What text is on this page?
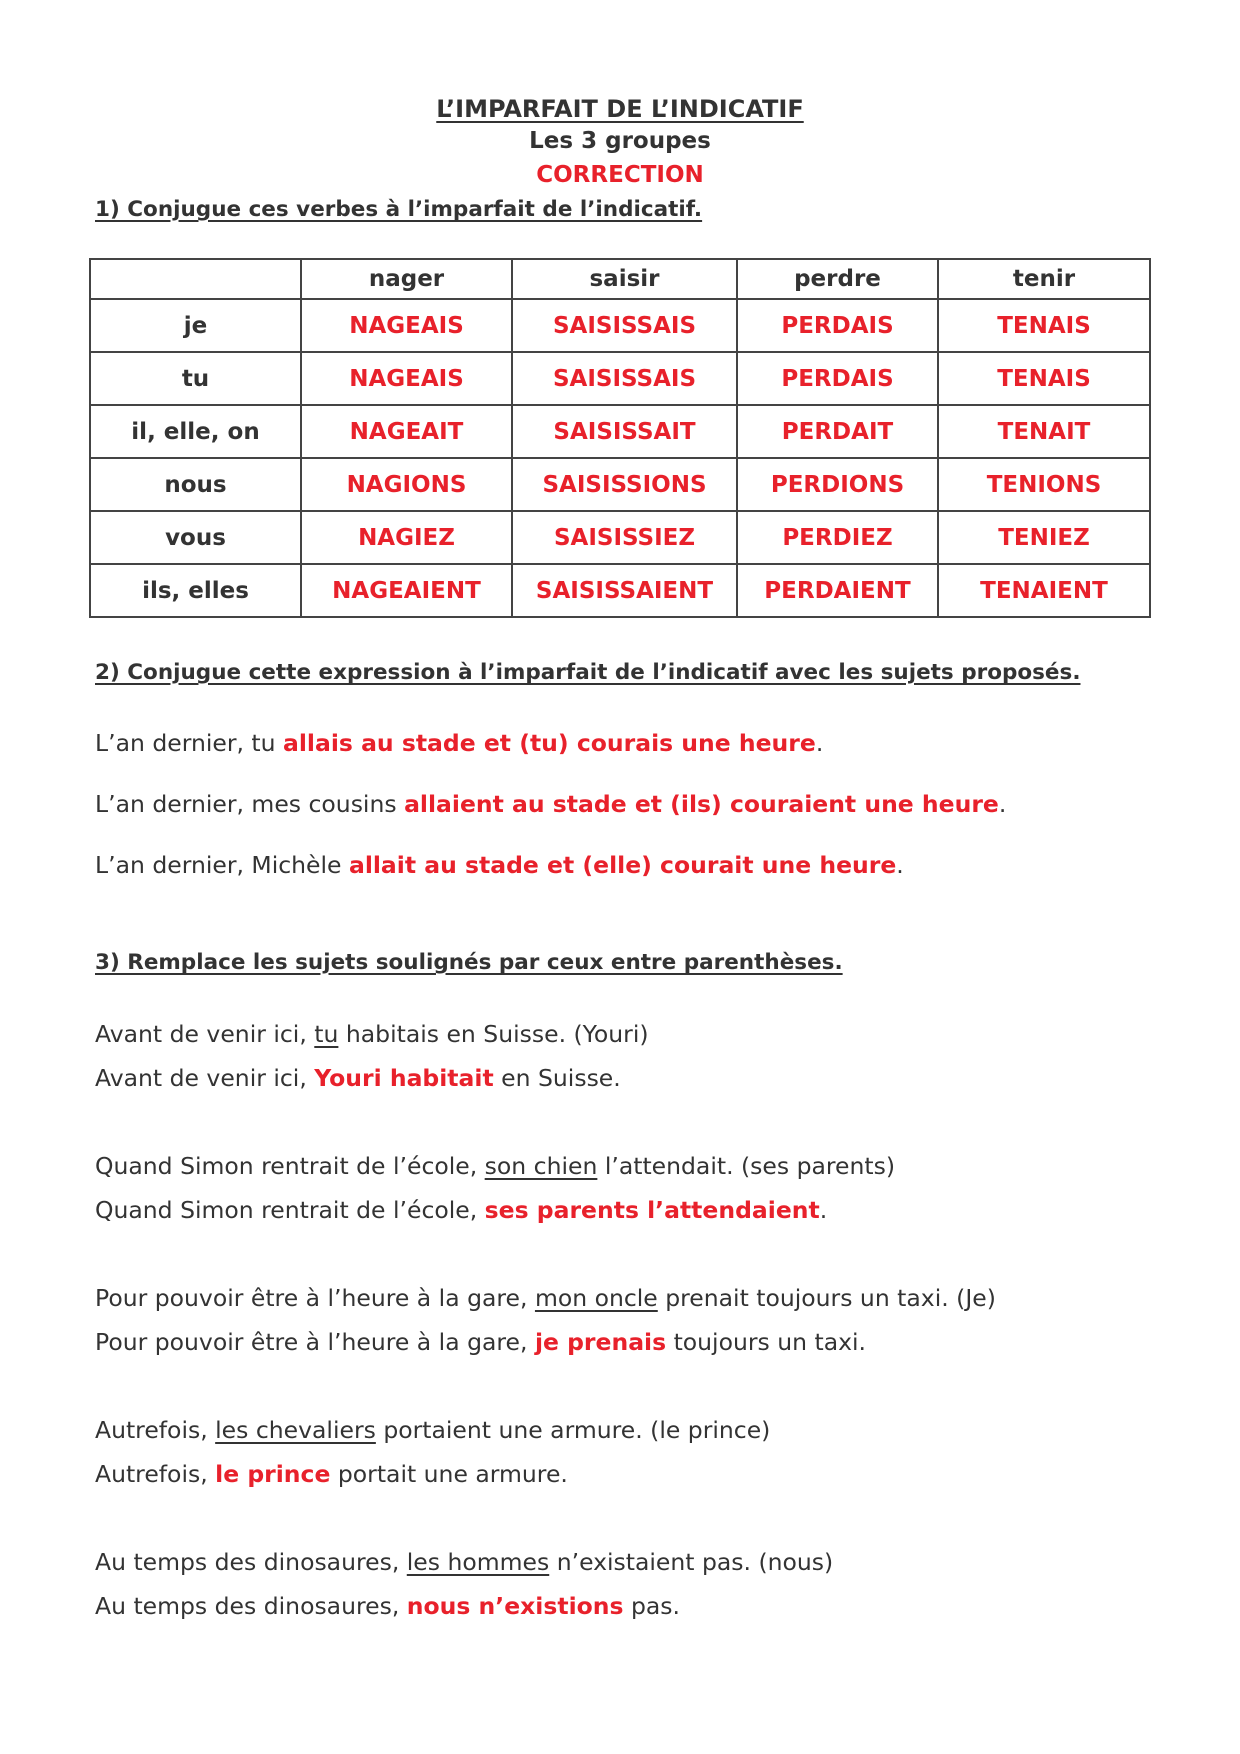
L’IMPARFAIT DE L’INDICATIF
Les 3 groupes
CORRECTION
1) Conjugue ces verbes à l’imparfait de l’indicatif.
	nager	saisir	perdre	tenir
je	NAGEAIS	SAISISSAIS	PERDAIS	TENAIS
tu	NAGEAIS	SAISISSAIS	PERDAIS	TENAIS
il, elle, on	NAGEAIT	SAISISSAIT	PERDAIT	TENAIT
nous	NAGIONS	SAISISSIONS	PERDIONS	TENIONS
vous	NAGIEZ	SAISISSIEZ	PERDIEZ	TENIEZ
ils, elles	NAGEAIENT	SAISISSAIENT	PERDAIENT	TENAIENT
2) Conjugue cette expression à l’imparfait de l’indicatif avec les sujets proposés.
L’an dernier, tu allais au stade et (tu) courais une heure.
L’an dernier, mes cousins allaient au stade et (ils) couraient une heure.
L’an dernier, Michèle allait au stade et (elle) courait une heure.
3) Remplace les sujets soulignés par ceux entre parenthèses.
Avant de venir ici, tu habitais en Suisse. (Youri)
Avant de venir ici, Youri habitait en Suisse.
Quand Simon rentrait de l’école, son chien l’attendait. (ses parents)
Quand Simon rentrait de l’école, ses parents l’attendaient.
Pour pouvoir être à l’heure à la gare, mon oncle prenait toujours un taxi. (Je)
Pour pouvoir être à l’heure à la gare, je prenais toujours un taxi.
Autrefois, les chevaliers portaient une armure. (le prince)
Autrefois, le prince portait une armure.
Au temps des dinosaures, les hommes n’existaient pas. (nous)
Au temps des dinosaures, nous n’existions pas.
